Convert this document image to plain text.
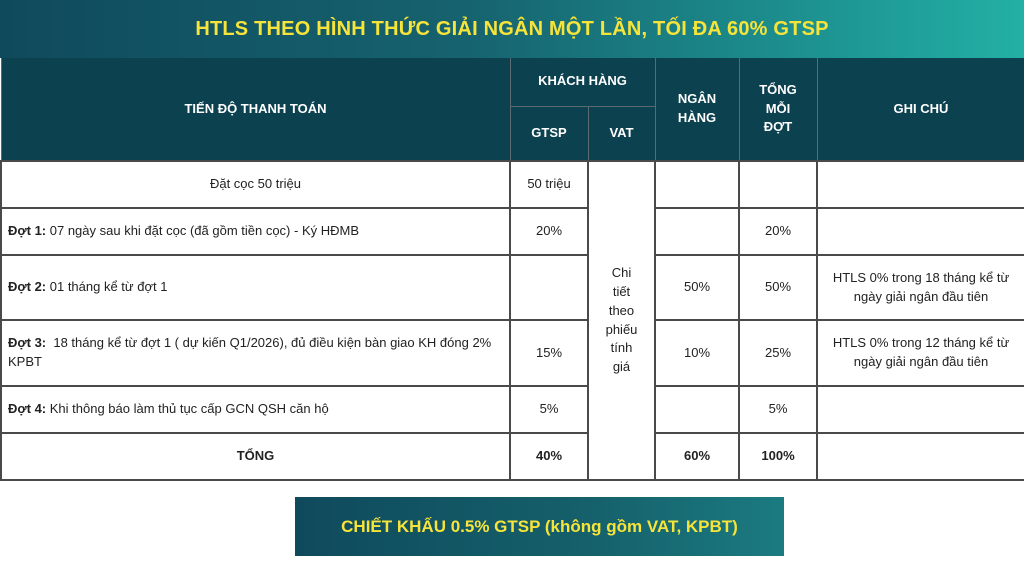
HTLS THEO HÌNH THỨC GIẢI NGÂN MỘT LẦN, TỐI ĐA 60% GTSP
TIẾN ĐỘ THANH TOÁN	KHÁCH HÀNG		NGÂN HÀNG	TỔNG MỖI ĐỢT	GHI CHÚ
	GTSP	VAT			
Đặt cọc 50 triệu	50 triệu	Chi tiết theo phiếu tính giá			

Đợt 1: 07 ngày sau khi đặt cọc (đã gồm tiền cọc) - Ký HĐMB	20%			20%	
Đợt 2: 01 tháng kể từ đợt 1			50%	50%	HTLS 0% trong 18 tháng kể từ ngày giải ngân đầu tiên
Đợt 3:  18 tháng kể từ đợt 1 ( dự kiến Q1/2026), đủ điều kiện bàn giao KH đóng 2% KPBT	15%		10%	25%	HTLS 0% trong 12 tháng kể từ ngày giải ngân đầu tiên
Đợt 4: Khi thông báo làm thủ tục cấp GCN QSH căn hộ	5%			5%	
TỔNG	40%		60%	100%	
CHIẾT KHẤU 0.5% GTSP (không gồm VAT, KPBT)
